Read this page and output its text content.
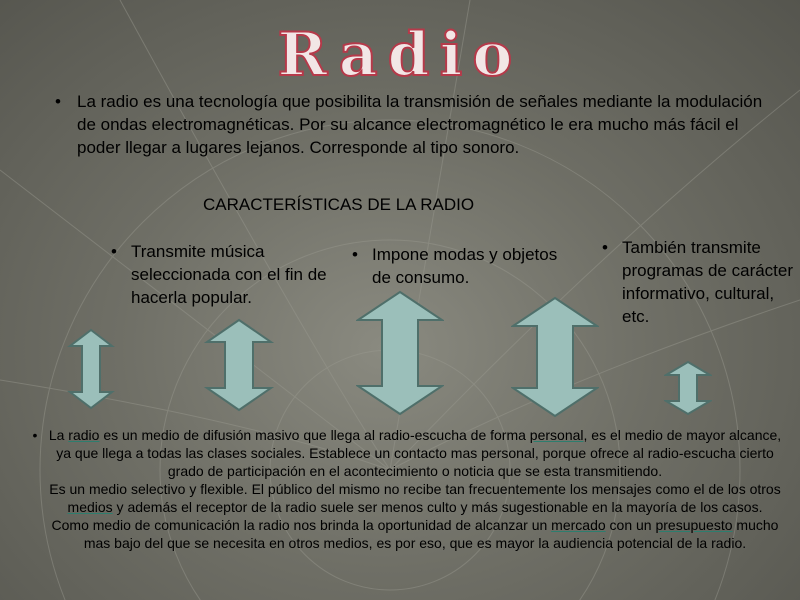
Radio
• La radio es una tecnología que posibilita la transmisión de señales mediante la modulación de ondas electromagnéticas. Por su alcance electromagnético le era mucho más fácil el poder llegar a lugares lejanos. Corresponde al tipo sonoro.
CARACTERÍSTICAS DE LA RADIO
• Transmite música seleccionada con el fin de hacerla popular.
• Impone modas y objetos de consumo.
• También transmite programas de carácter informativo, cultural, etc.
• La radio es un medio de difusión masivo que llega al radio-escucha de forma personal, es el medio de mayor alcance, ya que llega a todas las clases sociales. Establece un contacto mas personal, porque ofrece al radio-escucha cierto grado de participación en el acontecimiento o noticia que se esta transmitiendo.
Es un medio selectivo y flexible. El público del mismo no recibe tan frecuentemente los mensajes como el de los otros medios y además el receptor de la radio suele ser menos culto y más sugestionable en la mayoría de los casos.
Como medio de comunicación la radio nos brinda la oportunidad de alcanzar un mercado con un presupuesto mucho mas bajo del que se necesita en otros medios, es por eso, que es mayor la audiencia potencial de la radio.
